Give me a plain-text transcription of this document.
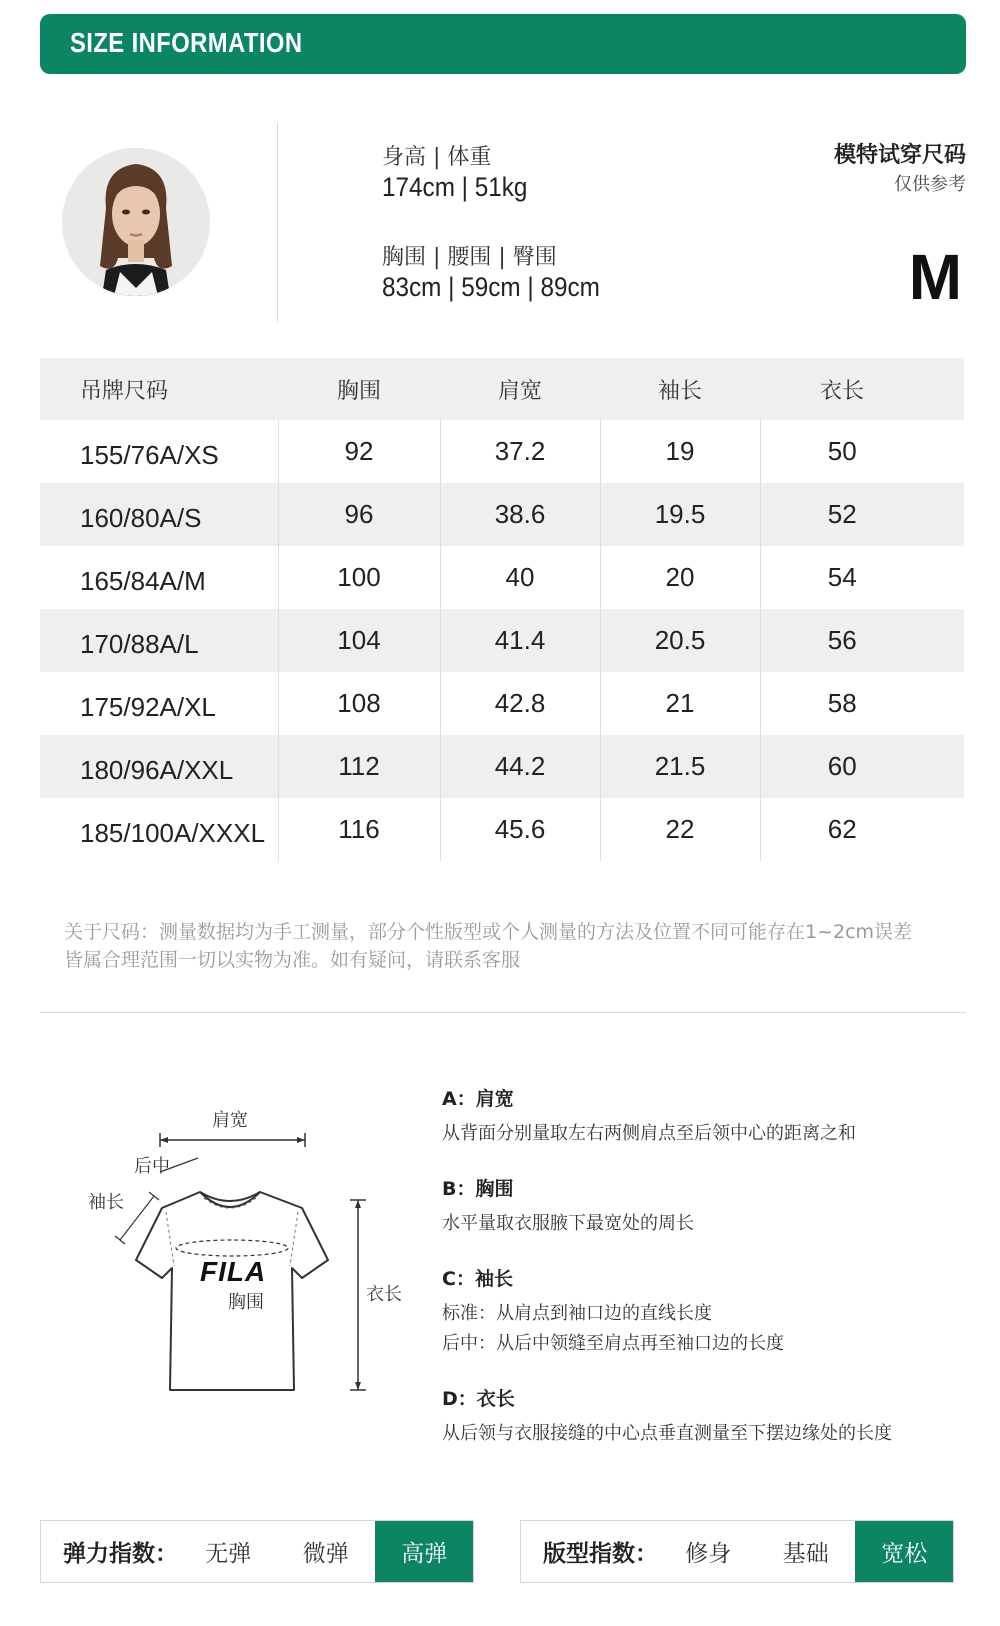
SIZE INFORMATION
身高 | 体重
174cm | 51kg
胸围 | 腰围 | 臀围
83cm | 59cm | 89cm
模特试穿尺码
仅供参考
M
吊牌尺码	胸围	肩宽	袖长	衣长
155/76A/XS	92	37.2	19	50
160/80A/S	96	38.6	19.5	52
165/84A/M	100	40	20	54
170/88A/L	104	41.4	20.5	56
175/92A/XL	108	42.8	21	58
180/96A/XXL	112	44.2	21.5	60
185/100A/XXXL	116	45.6	22	62
关于尺码：测量数据均为手工测量，部分个性版型或个人测量的方法及位置不同可能存在1~2cm误差
皆属合理范围一切以实物为准。如有疑问，请联系客服
肩宽
后中
袖长
FILA
胸围	衣长
A：肩宽
从背面分别量取左右两侧肩点至后领中心的距离之和
B：胸围
水平量取衣服腋下最宽处的周长
C：袖长
标准：从肩点到袖口边的直线长度
后中：从后中领缝至肩点再至袖口边的长度
D：衣长
从后领与衣服接缝的中心点垂直测量至下摆边缘处的长度
弹力指数：	无弹	微弹	高弹	版型指数：	修身	基础	宽松
